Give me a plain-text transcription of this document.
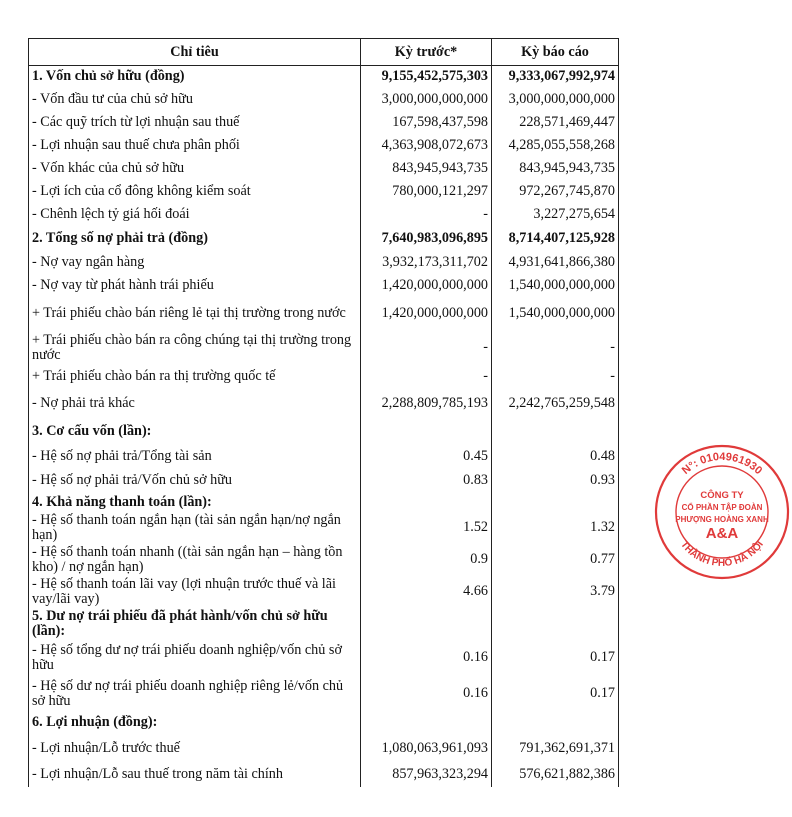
Chỉ tiêu	Kỳ trước*	Kỳ báo cáo
1. Vốn chủ sở hữu (đồng)	9,155,452,575,303	9,333,067,992,974
- Vốn đầu tư của chủ sở hữu	3,000,000,000,000	3,000,000,000,000
- Các quỹ trích từ lợi nhuận sau thuế	167,598,437,598	228,571,469,447
- Lợi nhuận sau thuế chưa phân phối	4,363,908,072,673	4,285,055,558,268
- Vốn khác của chủ sở hữu	843,945,943,735	843,945,943,735
- Lợi ích của cổ đông không kiểm soát	780,000,121,297	972,267,745,870
- Chênh lệch tỷ giá hối đoái	-	3,227,275,654
2. Tổng số nợ phải trả (đồng)	7,640,983,096,895	8,714,407,125,928
- Nợ vay ngân hàng	3,932,173,311,702	4,931,641,866,380
- Nợ vay từ phát hành trái phiếu	1,420,000,000,000	1,540,000,000,000
+ Trái phiếu chào bán riêng lẻ tại thị trường trong nước	1,420,000,000,000	1,540,000,000,000
+ Trái phiếu chào bán ra công chúng tại thị trường trong nước	-	-
+ Trái phiếu chào bán ra thị trường quốc tế	-	-
- Nợ phải trả khác	2,288,809,785,193	2,242,765,259,548
3. Cơ cấu vốn (lần):		
- Hệ số nợ phải trả/Tổng tài sản	0.45	0.48
- Hệ số nợ phải trả/Vốn chủ sở hữu	0.83	0.93
4. Khả năng thanh toán (lần):		
- Hệ số thanh toán ngắn hạn (tài sản ngắn hạn/nợ ngắn hạn)	1.52	1.32
- Hệ số thanh toán nhanh ((tài sản ngắn hạn – hàng tồn kho) / nợ ngắn hạn)	0.9	0.77
- Hệ số thanh toán lãi vay (lợi nhuận trước thuế và lãi vay/lãi vay)	4.66	3.79
5. Dư nợ trái phiếu đã phát hành/vốn chủ sở hữu (lần):		
- Hệ số tổng dư nợ trái phiếu doanh nghiệp/vốn chủ sở hữu	0.16	0.17
- Hệ số dư nợ trái phiếu doanh nghiệp riêng lẻ/vốn chủ sở hữu	0.16	0.17
6. Lợi nhuận (đồng):		
- Lợi nhuận/Lỗ trước thuế	1,080,063,961,093	791,362,691,371
- Lợi nhuận/Lỗ sau thuế trong năm tài chính	857,963,323,294	576,621,882,386
N°: 0104961930
THÀNH PHỐ HÀ NỘI
CÔNG TY
CỔ PHẦN TẬP ĐOÀN
PHƯỢNG HOÀNG XANH
A&A
